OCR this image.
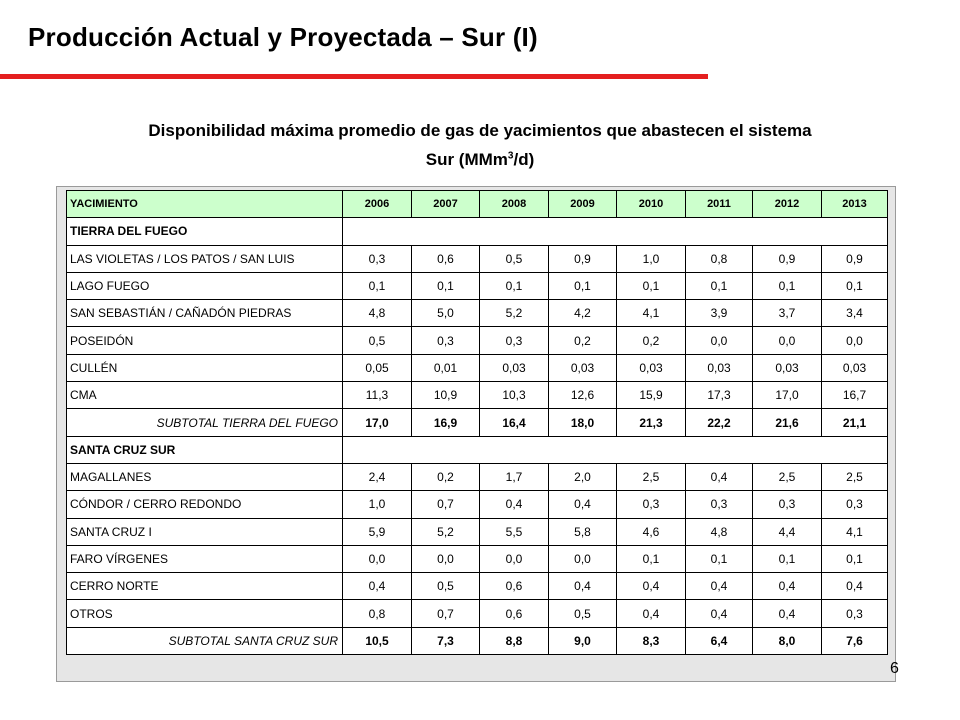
Producción Actual y Proyectada – Sur (I)
Disponibilidad máxima promedio de gas de yacimientos que abastecen el sistema
Sur (MMm$^3$/d)
YACIMIENTO	2006	2007	2008	2009	2010	2011	2012	2013
TIERRA DEL FUEGO								
LAS VIOLETAS / LOS PATOS / SAN LUIS	0,3	0,6	0,5	0,9	1,0	0,8	0,9	0,9
LAGO FUEGO	0,1	0,1	0,1	0,1	0,1	0,1	0,1	0,1
SAN SEBASTIÁN / CAÑADÓN PIEDRAS	4,8	5,0	5,2	4,2	4,1	3,9	3,7	3,4
POSEIDÓN	0,5	0,3	0,3	0,2	0,2	0,0	0,0	0,0
CULLÉN	0,05	0,01	0,03	0,03	0,03	0,03	0,03	0,03
CMA	11,3	10,9	10,3	12,6	15,9	17,3	17,0	16,7
SUBTOTAL TIERRA DEL FUEGO	17,0	16,9	16,4	18,0	21,3	22,2	21,6	21,1
SANTA CRUZ SUR								
MAGALLANES	2,4	0,2	1,7	2,0	2,5	0,4	2,5	2,5
CÓNDOR / CERRO REDONDO	1,0	0,7	0,4	0,4	0,3	0,3	0,3	0,3
SANTA CRUZ I	5,9	5,2	5,5	5,8	4,6	4,8	4,4	4,1
FARO VÍRGENES	0,0	0,0	0,0	0,0	0,1	0,1	0,1	0,1
CERRO NORTE	0,4	0,5	0,6	0,4	0,4	0,4	0,4	0,4
OTROS	0,8	0,7	0,6	0,5	0,4	0,4	0,4	0,3
SUBTOTAL SANTA CRUZ SUR	10,5	7,3	8,8	9,0	8,3	6,4	8,0	7,6
6
